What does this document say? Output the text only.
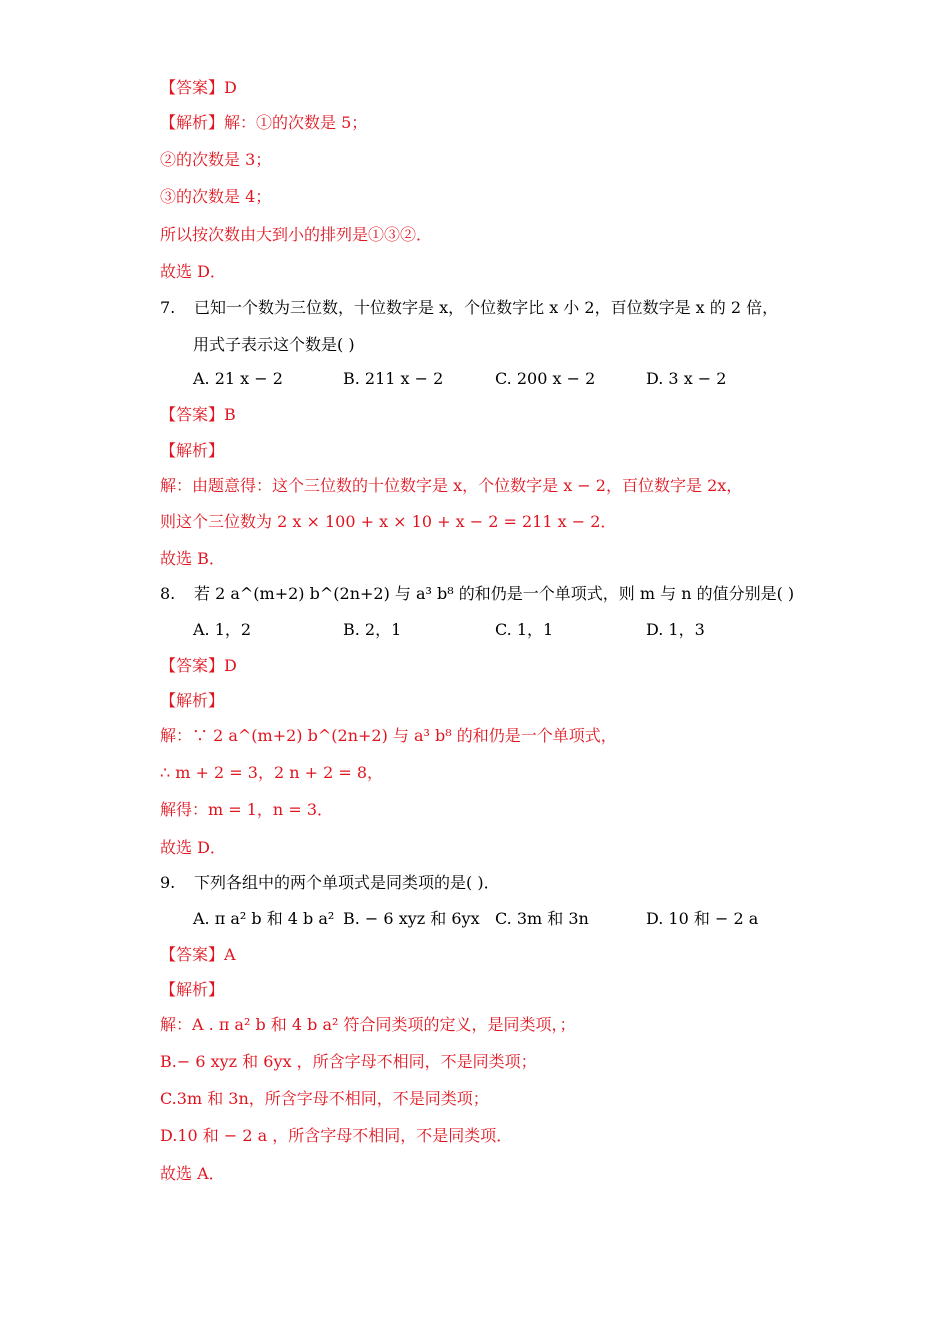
【答案】D
【解析】解：①的次数是 5；
②的次数是 3；
③的次数是 4；
所以按次数由大到小的排列是①③②．
故选 D．
7. 已知一个数为三位数，十位数字是 x，个位数字比 x 小 2，百位数字是 x 的 2 倍，
用式子表示这个数是( )
A. 21 x − 2	B. 211 x − 2	C. 200 x − 2	D. 3 x − 2
【答案】B
【解析】
解：由题意得：这个三位数的十位数字是 x，个位数字是 x − 2，百位数字是 2x，
则这个三位数为 2 x × 100 + x × 10 + x − 2 = 211 x − 2．
故选 B．
8. 若 2 a^(m+2) b^(2n+2) 与 a³ b⁸ 的和仍是一个单项式，则 m 与 n 的值分别是( )
A. 1，2	B. 2，1	C. 1，1	D. 1，3
【答案】D
【解析】
解：∵ 2 a^(m+2) b^(2n+2) 与 a³ b⁸ 的和仍是一个单项式，
∴ m + 2 = 3，2 n + 2 = 8，
解得：m = 1，n = 3．
故选 D．
9. 下列各组中的两个单项式是同类项的是( )．
A. π a² b 和 4 b a² B. − 6 xyz 和 6yx C. 3m 和 3n	D. 10 和 − 2 a
【答案】A
【解析】
解：A . π a² b 和 4 b a² 符合同类项的定义，是同类项，；
B.− 6 xyz 和 6yx ，所含字母不相同，不是同类项；
C.3m 和 3n，所含字母不相同，不是同类项；
D.10 和 − 2 a ，所含字母不相同，不是同类项．
故选 A．
